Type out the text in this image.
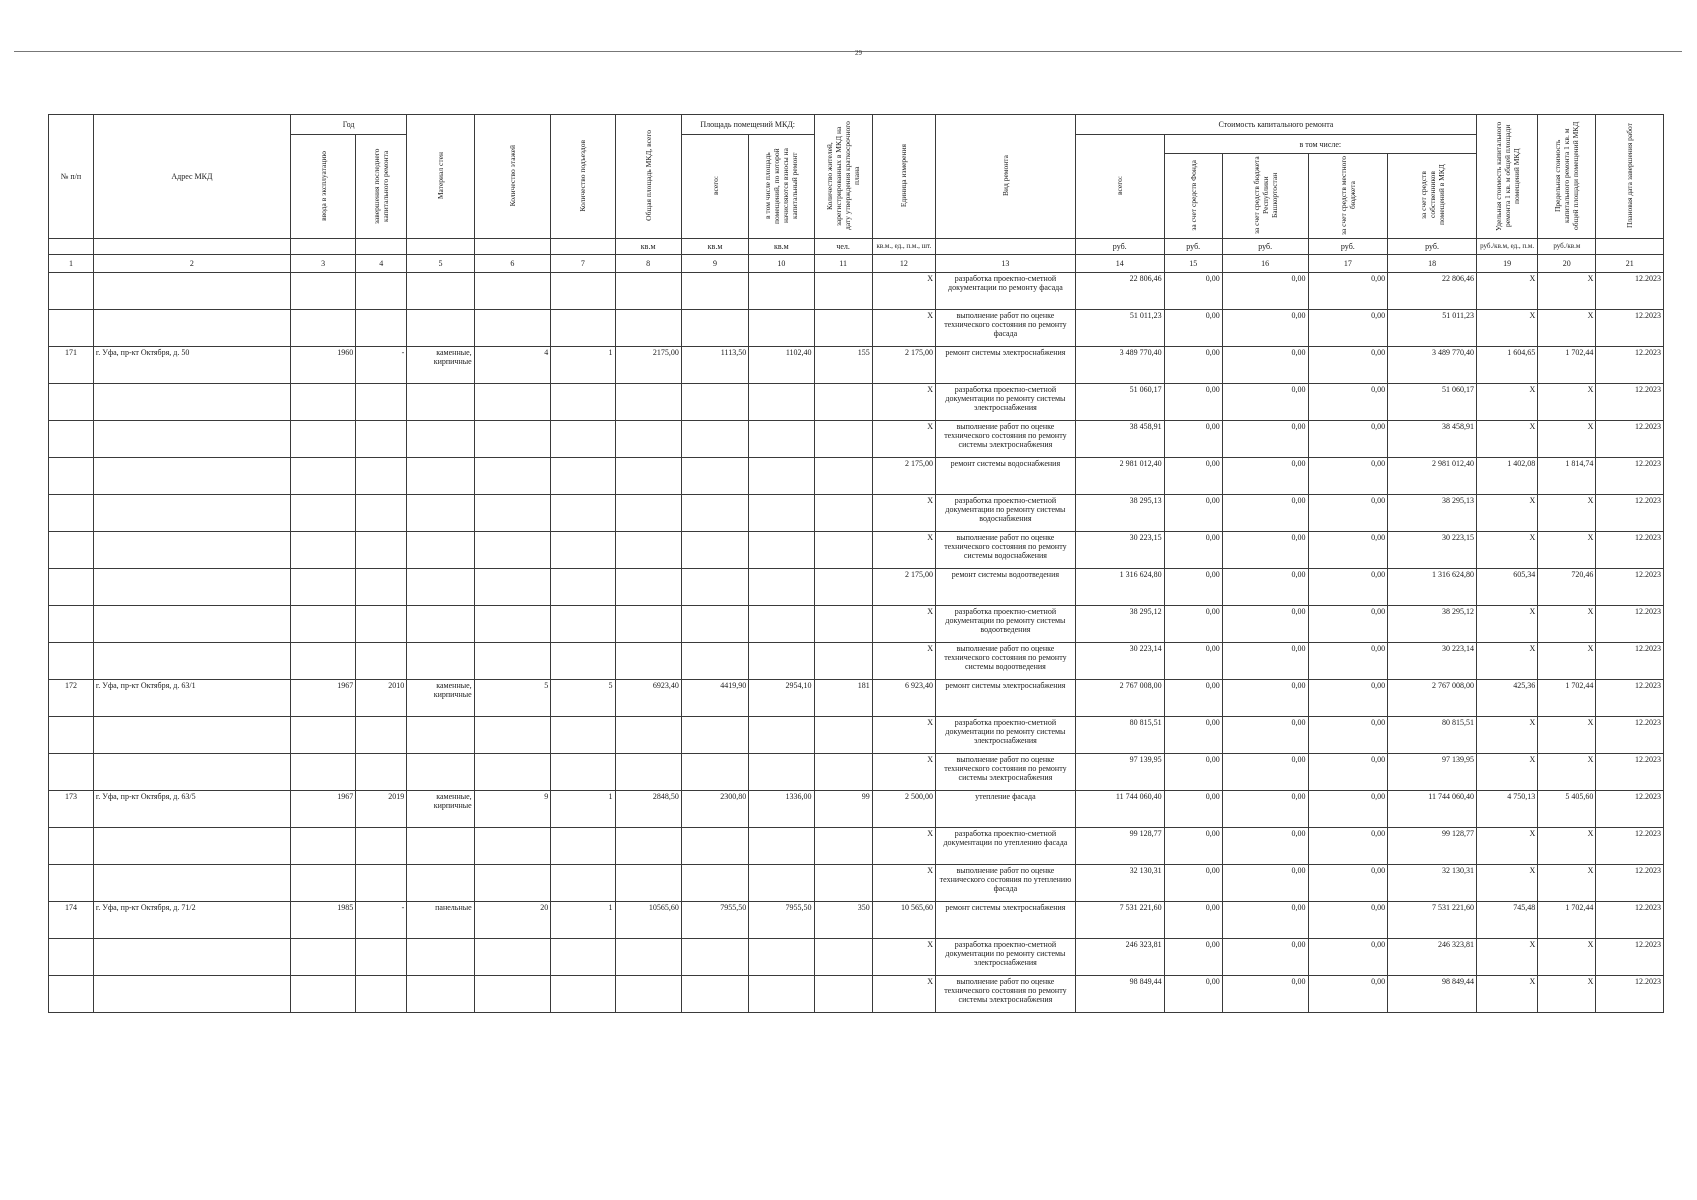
29
№ п/п	Адрес МКД	Год		Материал стен	Количество этажей	Количество подъездов	Общая площадь МКД, всего	Площадь помещений МКД:		Количество жителей, зарегистрированных в МКД на дату утверждения краткосрочного плана	Единица измерения	Вид ремонта	Стоимость капитального ремонта					Удельная стоимость капитального ремонта 1 кв. м общей площади помещений МКД	Предельная стоимость капитального ремонта 1 кв. м общей площади помещений МКД	Плановая дата завершения работ
		ввода в эксплуатацию	завершения последнего капитального ремонта					всего:	в том числе площадь помещений, по которой начисляются взносы на капитальный ремонт				всего:	в том числе:						
														за счет средств Фонда	за счет средств бюджета Республики Башкортостан	за счет средств местного бюджета	за счет средств собственников помещений в МКД			
							кв.м	кв.м	кв.м	чел.	кв.м., ед., п.м., шт.		руб.	руб.	руб.	руб.	руб.	руб./кв.м, ед., п.м.	руб./кв.м	
1	2	3	4	5	6	7	8	9	10	11	12	13	14	15	16	17	18	19	20	21
											X	разработка проектно-сметной документации по ремонту фасада	22 806,46	0,00	0,00	0,00	22 806,46	X	X	12.2023
											X	выполнение работ по оценке технического состояния по ремонту фасада	51 011,23	0,00	0,00	0,00	51 011,23	X	X	12.2023
171	г. Уфа, пр-кт Октября, д. 50	1960	-	каменные, кирпичные	4	1	2175,00	1113,50	1102,40	155	2 175,00	ремонт системы электроснабжения	3 489 770,40	0,00	0,00	0,00	3 489 770,40	1 604,65	1 702,44	12.2023
											X	разработка проектно-сметной документации по ремонту системы электроснабжения	51 060,17	0,00	0,00	0,00	51 060,17	X	X	12.2023
											X	выполнение работ по оценке технического состояния по ремонту системы электроснабжения	38 458,91	0,00	0,00	0,00	38 458,91	X	X	12.2023
											2 175,00	ремонт системы водоснабжения	2 981 012,40	0,00	0,00	0,00	2 981 012,40	1 402,08	1 814,74	12.2023
											X	разработка проектно-сметной документации по ремонту системы водоснабжения	38 295,13	0,00	0,00	0,00	38 295,13	X	X	12.2023
											X	выполнение работ по оценке технического состояния по ремонту системы водоснабжения	30 223,15	0,00	0,00	0,00	30 223,15	X	X	12.2023
											2 175,00	ремонт системы водоотведения	1 316 624,80	0,00	0,00	0,00	1 316 624,80	605,34	720,46	12.2023
											X	разработка проектно-сметной документации по ремонту системы водоотведения	38 295,12	0,00	0,00	0,00	38 295,12	X	X	12.2023
											X	выполнение работ по оценке технического состояния по ремонту системы водоотведения	30 223,14	0,00	0,00	0,00	30 223,14	X	X	12.2023
172	г. Уфа, пр-кт Октября, д. 63/1	1967	2010	каменные, кирпичные	5	5	6923,40	4419,90	2954,10	181	6 923,40	ремонт системы электроснабжения	2 767 008,00	0,00	0,00	0,00	2 767 008,00	425,36	1 702,44	12.2023
											X	разработка проектно-сметной документации по ремонту системы электроснабжения	80 815,51	0,00	0,00	0,00	80 815,51	X	X	12.2023
											X	выполнение работ по оценке технического состояния по ремонту системы электроснабжения	97 139,95	0,00	0,00	0,00	97 139,95	X	X	12.2023
173	г. Уфа, пр-кт Октября, д. 63/5	1967	2019	каменные, кирпичные	9	1	2848,50	2300,80	1336,00	99	2 500,00	утепление фасада	11 744 060,40	0,00	0,00	0,00	11 744 060,40	4 750,13	5 405,60	12.2023
											X	разработка проектно-сметной документации по утеплению фасада	99 128,77	0,00	0,00	0,00	99 128,77	X	X	12.2023
											X	выполнение работ по оценке технического состояния по утеплению фасада	32 130,31	0,00	0,00	0,00	32 130,31	X	X	12.2023
174	г. Уфа, пр-кт Октября, д. 71/2	1985	-	панельные	20	1	10565,60	7955,50	7955,50	350	10 565,60	ремонт системы электроснабжения	7 531 221,60	0,00	0,00	0,00	7 531 221,60	745,48	1 702,44	12.2023
											X	разработка проектно-сметной документации по ремонту системы электроснабжения	246 323,81	0,00	0,00	0,00	246 323,81	X	X	12.2023
											X	выполнение работ по оценке технического состояния по ремонту системы электроснабжения	98 849,44	0,00	0,00	0,00	98 849,44	X	X	12.2023
